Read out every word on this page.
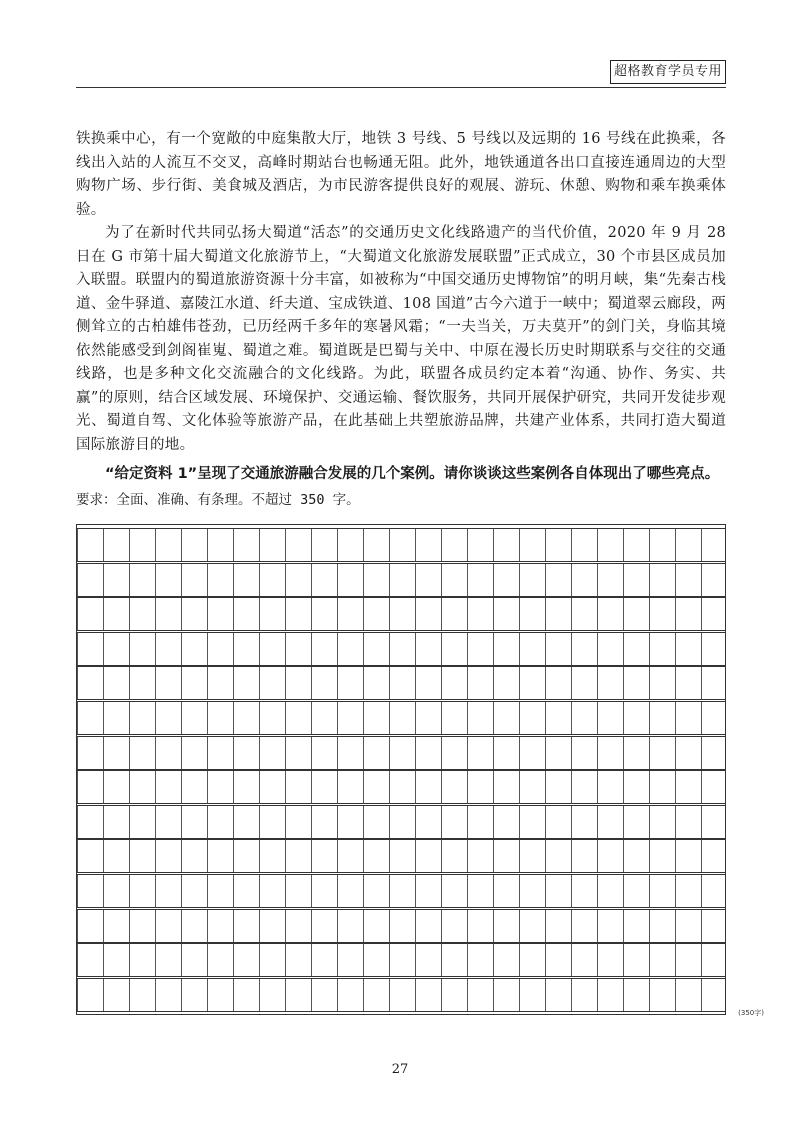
超格教育学员专用

铁换乘中心，有一个宽敞的中庭集散大厅，地铁 3 号线、5 号线以及远期的 16 号线在此换乘，各线出入站的人流互不交叉，高峰时期站台也畅通无阻。此外，地铁通道各出口直接连通周边的大型购物广场、步行街、美食城及酒店，为市民游客提供良好的观展、游玩、休憩、购物和乘车换乘体验。

为了在新时代共同弘扬大蜀道“活态”的交通历史文化线路遗产的当代价值，2020 年 9 月 28 日在 G 市第十届大蜀道文化旅游节上，“大蜀道文化旅游发展联盟”正式成立，30 个市县区成员加入联盟。联盟内的蜀道旅游资源十分丰富，如被称为“中国交通历史博物馆”的明月峡，集“先秦古栈道、金牛驿道、嘉陵江水道、纤夫道、宝成铁道、108 国道”古今六道于一峡中；蜀道翠云廊段，两侧耸立的古柏雄伟苍劲，已历经两千多年的寒暑风霜；“一夫当关，万夫莫开”的剑门关，身临其境依然能感受到剑阁崔嵬、蜀道之难。蜀道既是巴蜀与关中、中原在漫长历史时期联系与交往的交通线路，也是多种文化交流融合的文化线路。为此，联盟各成员约定本着“沟通、协作、务实、共赢”的原则，结合区域发展、环境保护、交通运输、餐饮服务，共同开展保护研究，共同开发徒步观光、蜀道自驾、文化体验等旅游产品，在此基础上共塑旅游品牌，共建产业体系，共同打造大蜀道国际旅游目的地。

“给定资料 1”呈现了交通旅游融合发展的几个案例。请你谈谈这些案例各自体现出了哪些亮点。

要求：全面、准确、有条理。不超过 350 字。

(350字)
27
